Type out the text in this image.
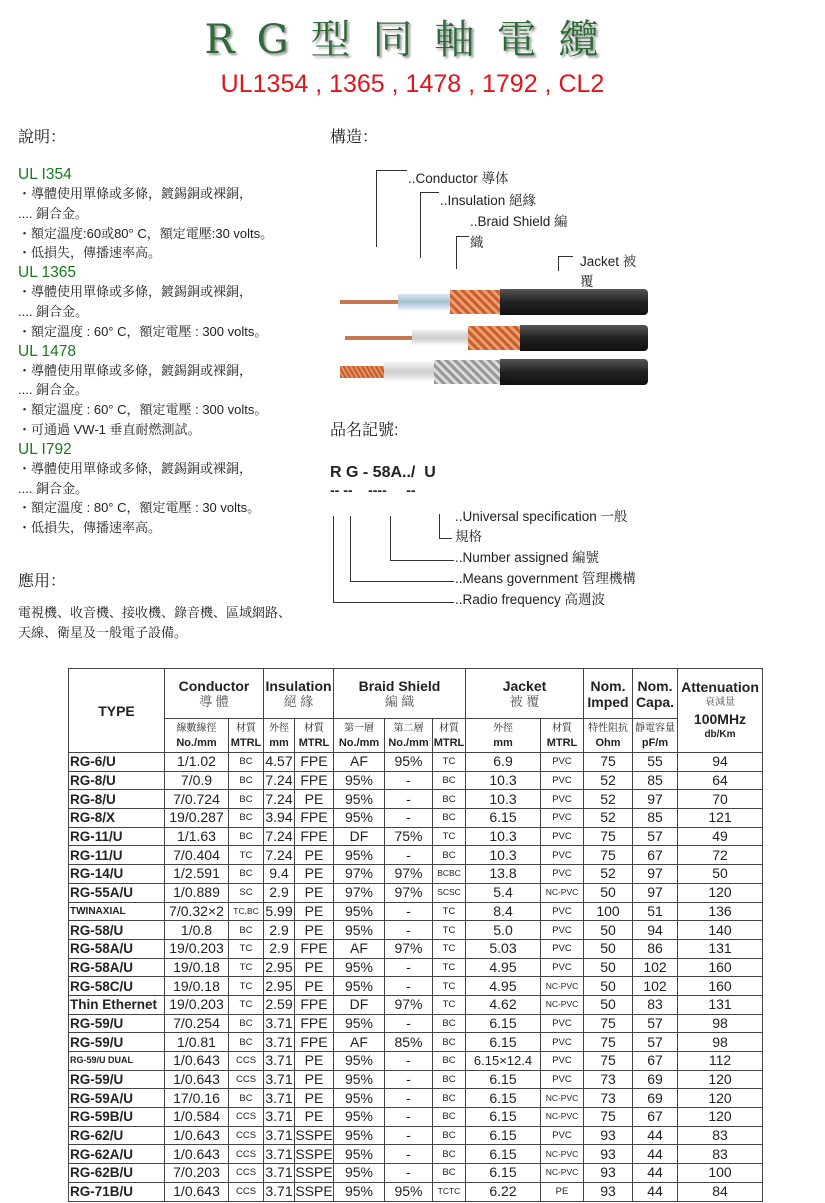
RG型同軸電纜
UL1354 , 1365 , 1478 , 1792 , CL2
說明：	構造：
UL I354
・導體使用單條或多條，鍍錫銅或裸銅，
.... 銅合金。
・額定溫度:60或80° C，額定電壓:30 volts。
・低損失，傳播速率高。
UL 1365
・導體使用單條或多條，鍍錫銅或裸銅，
.... 銅合金。
・額定溫度 : 60° C，額定電壓 : 300 volts。
UL 1478
・導體使用單條或多條，鍍錫銅或裸銅，
.... 銅合金。
・額定溫度 : 60° C，額定電壓 : 300 volts。
・可通過 VW-1 垂直耐燃測試。
UL I792
・導體使用單條或多條，鍍錫銅或裸銅，
.... 銅合金。
・額定溫度 : 80° C，額定電壓 : 30 volts。
・低損失，傳播速率高。
應用：
電視機、收音機、接收機、錄音機、區域網路、
天線、衛星及一般電子設備。
..Conductor 導体
..Insulation 絕緣
..Braid Shield 編
織
Jacket 被
覆
品名記號:
R G - 58A../  U
-- --    ----     --
..Universal specification 一般
規格
..Number assigned 編號
..Means government 管理機構
..Radio frequency 高週波
TYPE	Conductor
導 體		Insulation
絕 緣		Braid Shield
編 織			Jacket
被 覆		Nom.
Imped	Nom.
Capa.	Attenuation
衰減量
100MHz
db/Km

	線數線徑
No./mm	材質
MTRL	外徑
mm	材質
MTRL	第一層
No./mm	第二層
No./mm	材質
MTRL	外徑
mm	材質
MTRL	特性阻抗
Ohm	靜電容量
pF/m	

RG-6/U	1/1.02	BC	4.57	FPE	AF	95%	TC	6.9	PVC	75	55	94
RG-8/U	7/0.9	BC	7.24	FPE	95%	-	BC	10.3	PVC	52	85	64
RG-8/U	7/0.724	BC	7.24	PE	95%	-	BC	10.3	PVC	52	97	70
RG-8/X	19/0.287	BC	3.94	FPE	95%	-	BC	6.15	PVC	52	85	121
RG-11/U	1/1.63	BC	7.24	FPE	DF	75%	TC	10.3	PVC	75	57	49
RG-11/U	7/0.404	TC	7.24	PE	95%	-	BC	10.3	PVC	75	67	72
RG-14/U	1/2.591	BC	9.4	PE	97%	97%	BCBC	13.8	PVC	52	97	50
RG-55A/U	1/0.889	SC	2.9	PE	97%	97%	SCSC	5.4	NC-PVC	50	97	120
TWINAXIAL	7/0.32×2	TC,BC	5.99	PE	95%	-	TC	8.4	PVC	100	51	136
RG-58/U	1/0.8	BC	2.9	PE	95%	-	TC	5.0	PVC	50	94	140
RG-58A/U	19/0.203	TC	2.9	FPE	AF	97%	TC	5.03	PVC	50	86	131
RG-58A/U	19/0.18	TC	2.95	PE	95%	-	TC	4.95	PVC	50	102	160
RG-58C/U	19/0.18	TC	2.95	PE	95%	-	TC	4.95	NC-PVC	50	102	160
Thin Ethernet	19/0.203	TC	2.59	FPE	DF	97%	TC	4.62	NC-PVC	50	83	131
RG-59/U	7/0.254	BC	3.71	FPE	95%	-	BC	6.15	PVC	75	57	98
RG-59/U	1/0.81	BC	3.71	FPE	AF	85%	BC	6.15	PVC	75	57	98
RG-59/U DUAL	1/0.643	CCS	3.71	PE	95%	-	BC	6.15×12.4	PVC	75	67	112
RG-59/U	1/0.643	CCS	3.71	PE	95%	-	BC	6.15	PVC	73	69	120
RG-59A/U	17/0.16	BC	3.71	PE	95%	-	BC	6.15	NC-PVC	73	69	120
RG-59B/U	1/0.584	CCS	3.71	PE	95%	-	BC	6.15	NC-PVC	75	67	120
RG-62/U	1/0.643	CCS	3.71	SSPE	95%	-	BC	6.15	PVC	93	44	83
RG-62A/U	1/0.643	CCS	3.71	SSPE	95%	-	BC	6.15	NC-PVC	93	44	83
RG-62B/U	7/0.203	CCS	3.71	SSPE	95%	-	BC	6.15	NC-PVC	93	44	100
RG-71B/U	1/0.643	CCS	3.71	SSPE	95%	95%	TCTC	6.22	PE	93	44	84
